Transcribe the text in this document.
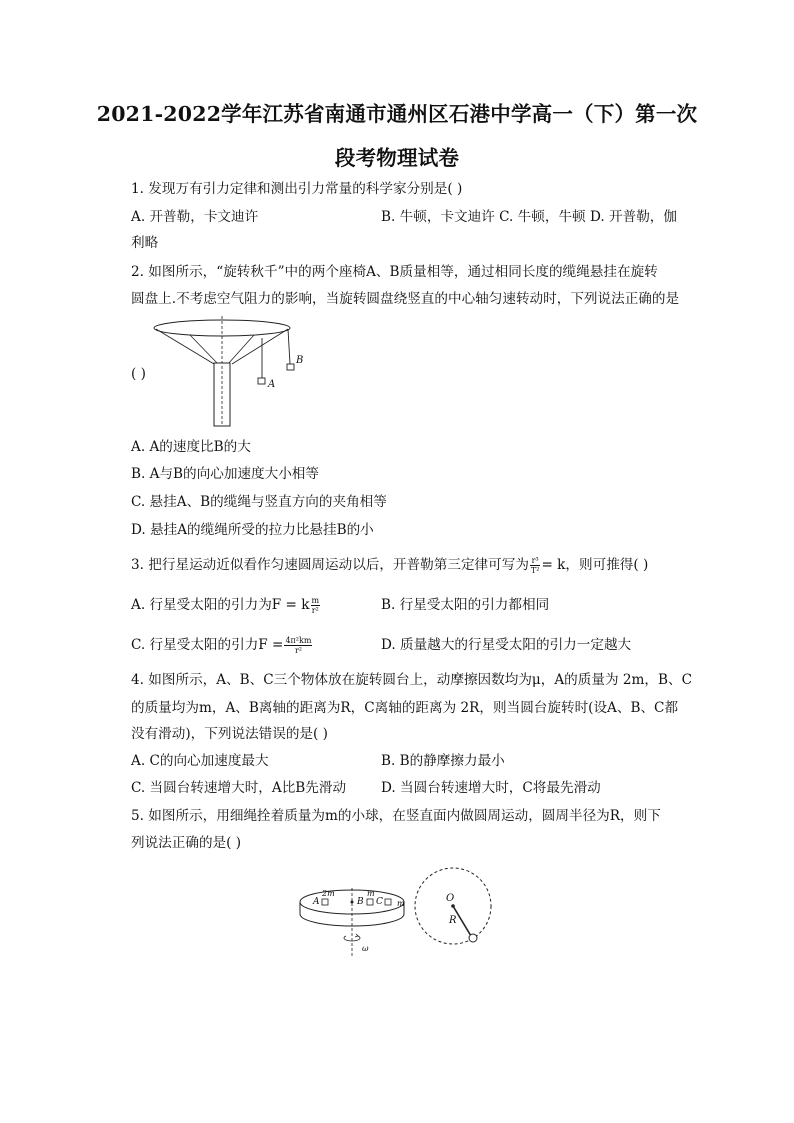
2021-2022学年江苏省南通市通州区石港中学高一（下）第一次
段考物理试卷
1. 发现万有引力定律和测出引力常量的科学家分别是( )
A. 开普勒，卡文迪许	B. 牛顿，卡文迪许 C. 牛顿，牛顿 D. 开普勒，伽
利略
2. 如图所示，“旋转秋千”中的两个座椅A、B质量相等，通过相同长度的缆绳悬挂在旋转
圆盘上.不考虑空气阻力的影响，当旋转圆盘绕竖直的中心轴匀速转动时，下列说法正确的是
( )
A
B
A. A的速度比B的大
B. A与B的向心加速度大小相等
C. 悬挂A、B的缆绳与竖直方向的夹角相等
D. 悬挂A的缆绳所受的拉力比悬挂B的小
3. 把行星运动近似看作匀速圆周运动以后，开普勒第三定律可写为 $\frac{\text{r³}}{\text{T²}} = k$，则可推得( )
A. 行星受太阳的引力为F = k $\frac{m}{\text{r²}}$	B. 行星受太阳的引力都相同
C. 行星受太阳的引力$F = \frac{\text{4π²km}}{\text{r²}}$	D. 质量越大的行星受太阳的引力一定越大
4. 如图所示，A、B、C三个物体放在旋转圆台上，动摩擦因数均为μ，A的质量为 2m，B、C
的质量均为m，A、B离轴的距离为R，C离轴的距离为 2R，则当圆台旋转时(设A、B、C都
没有滑动)，下列说法错误的是( )
A. C的向心加速度最大	B. B的静摩擦力最小
C. 当圆台转速增大时，A比B先滑动	D. 当圆台转速增大时，C将最先滑动
5. 如图所示，用细绳拴着质量为m的小球，在竖直面内做圆周运动，圆周半径为R，则下
列说法正确的是( )
2m	m
m
A	B C
ω
O
R
